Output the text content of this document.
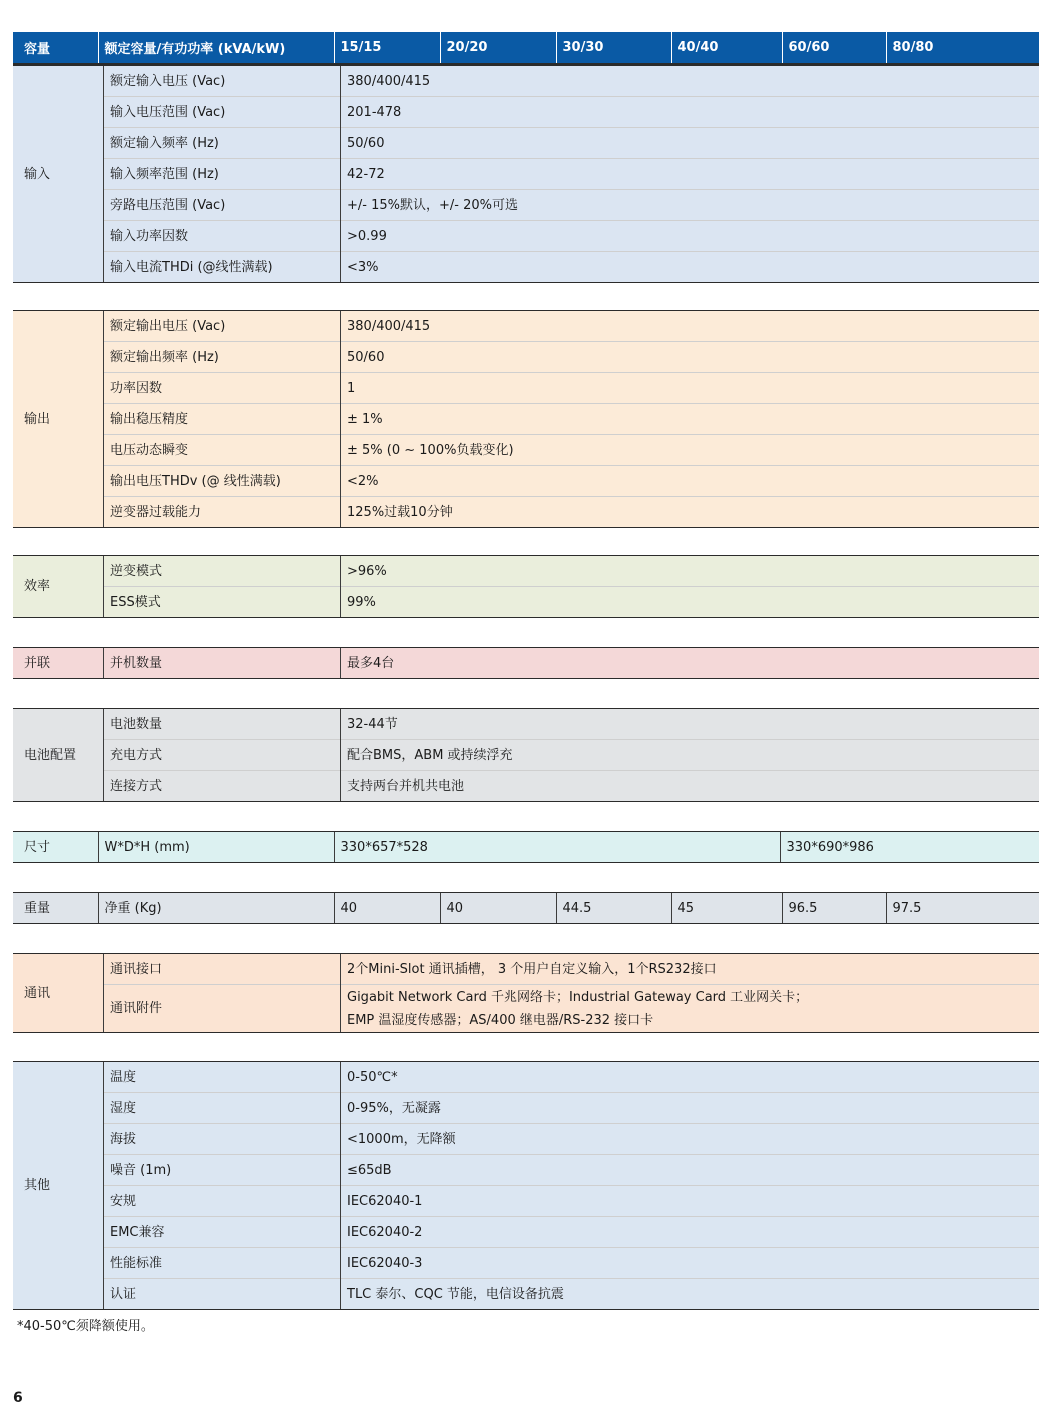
容量	额定容量/有功功率 (kVA/kW)	15/15	20/20	30/30	40/40	60/60	80/80
输入	额定输入电压 (Vac)	380/400/415
	输入电压范围 (Vac)	201-478
	额定输入频率 (Hz)	50/60
	输入频率范围 (Hz)	42-72
	旁路电压范围 (Vac)	+/- 15%默认，+/- 20%可选
	输入功率因数	>0.99
	输入电流THDi (@线性满载)	<3%
输出	额定输出电压 (Vac)	380/400/415
	额定输出频率 (Hz)	50/60
	功率因数	1
	输出稳压精度	± 1%
	电压动态瞬变	± 5% (0 ~ 100%负载变化)
	输出电压THDv (@ 线性满载)	<2%
	逆变器过载能力	125%过载10分钟
效率	逆变模式	>96%
	ESS模式	99%
并联	并机数量	最多4台
电池配置	电池数量	32-44节
	充电方式	配合BMS，ABM 或持续浮充
	连接方式	支持两台并机共电池
尺寸	W*D*H (mm)	330*657*528	330*690*986
重量	净重 (Kg)	40	40	44.5	45	96.5	97.5
通讯	通讯接口	2个Mini-Slot 通讯插槽， 3 个用户自定义输入，1个RS232接口
	通讯附件	Gigabit Network Card 千兆网络卡；Industrial Gateway Card 工业网关卡；
EMP 温湿度传感器；AS/400 继电器/RS-232 接口卡
其他	温度	0-50℃*
	湿度	0-95%，无凝露
	海拔	<1000m，无降额
	噪音 (1m)	≤65dB
	安规	IEC62040-1
	EMC兼容	IEC62040-2
	性能标准	IEC62040-3
	认证	TLC 泰尔、CQC 节能，电信设备抗震
*40-50℃须降额使用。
6
